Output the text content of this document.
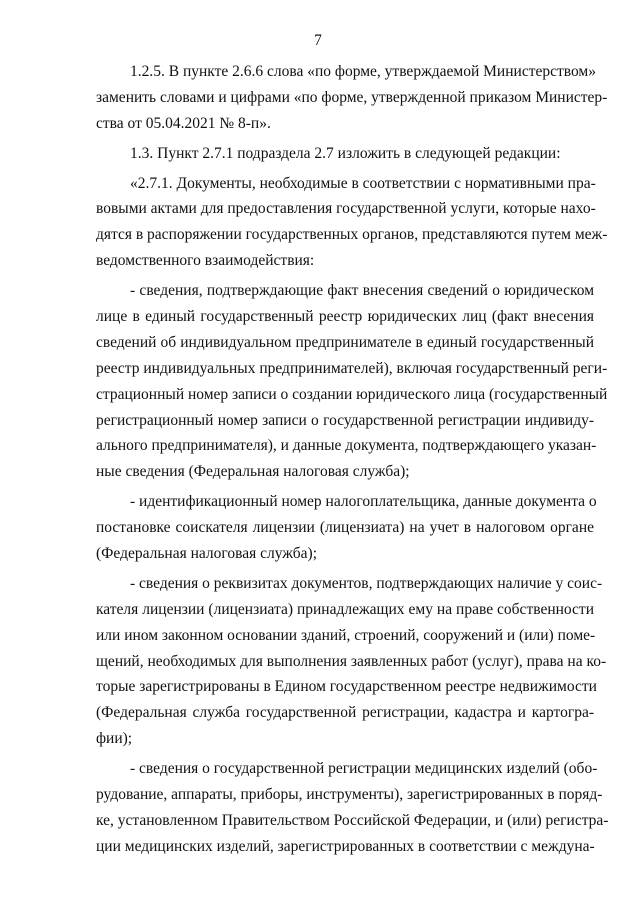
7
1.2.5. В пункте 2.6.6 слова «по форме, утверждаемой Министерством»
заменить словами и цифрами «по форме, утвержденной приказом Министер-
ства от 05.04.2021 № 8-п».
1.3. Пункт 2.7.1 подраздела 2.7 изложить в следующей редакции:
«2.7.1. Документы, необходимые в соответствии с нормативными пра-
вовыми актами для предоставления государственной услуги, которые нахо-
дятся в распоряжении государственных органов, представляются путем меж-
ведомственного взаимодействия:
- сведения, подтверждающие факт внесения сведений о юридическом
лице в единый государственный реестр юридических лиц (факт внесения
сведений об индивидуальном предпринимателе в единый государственный
реестр индивидуальных предпринимателей), включая государственный реги-
страционный номер записи о создании юридического лица (государственный
регистрационный номер записи о государственной регистрации индивиду-
ального предпринимателя), и данные документа, подтверждающего указан-
ные сведения (Федеральная налоговая служба);
- идентификационный номер налогоплательщика, данные документа о
постановке соискателя лицензии (лицензиата) на учет в налоговом органе
(Федеральная налоговая служба);
- сведения о реквизитах документов, подтверждающих наличие у соис-
кателя лицензии (лицензиата) принадлежащих ему на праве собственности
или ином законном основании зданий, строений, сооружений и (или) поме-
щений, необходимых для выполнения заявленных работ (услуг), права на ко-
торые зарегистрированы в Едином государственном реестре недвижимости
(Федеральная служба государственной регистрации, кадастра и картогра-
фии);
- сведения о государственной регистрации медицинских изделий (обо-
рудование, аппараты, приборы, инструменты), зарегистрированных в поряд-
ке, установленном Правительством Российской Федерации, и (или) регистра-
ции медицинских изделий, зарегистрированных в соответствии с междуна-
